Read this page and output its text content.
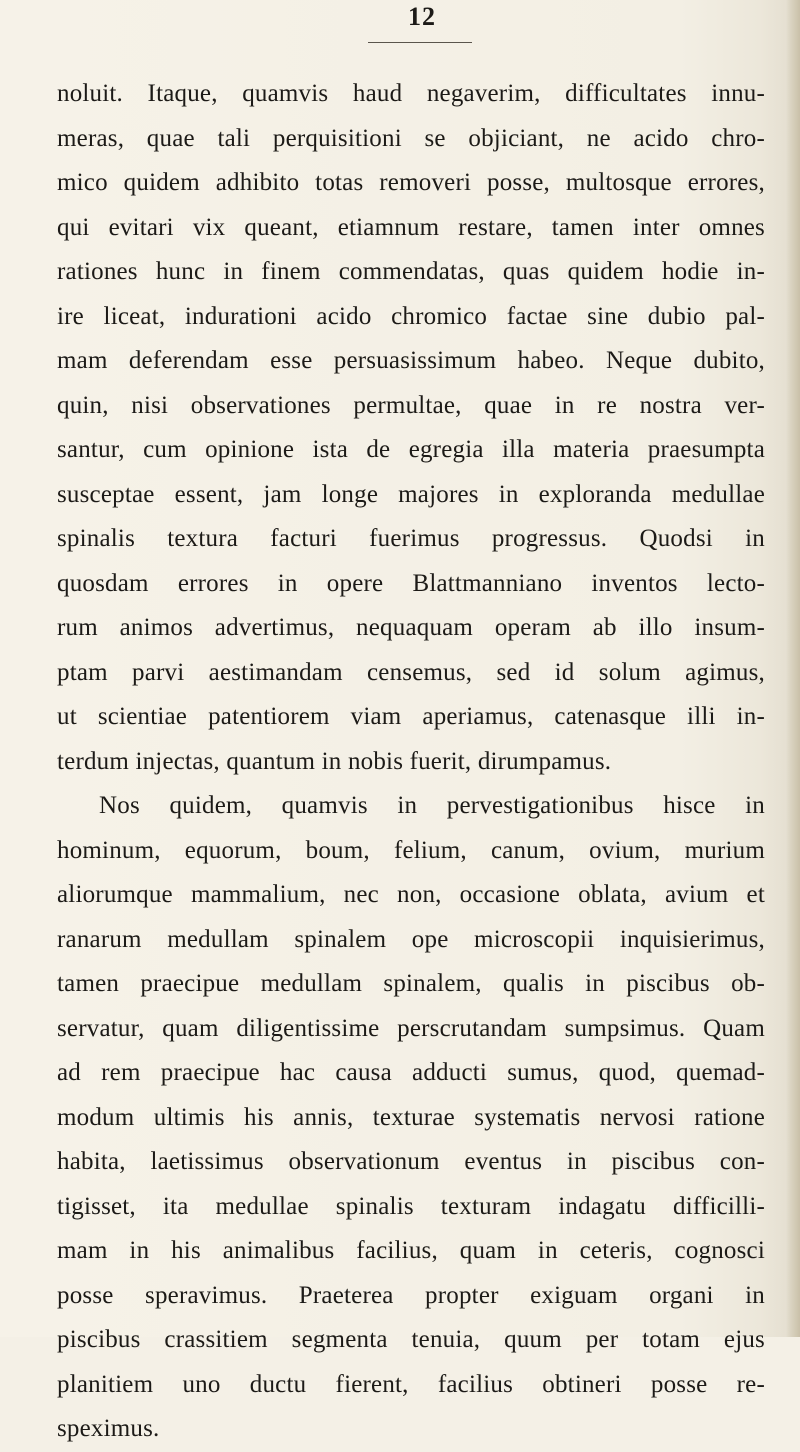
12
noluit. Itaque, quamvis haud negaverim, difficultates innu-
meras, quae tali perquisitioni se objiciant, ne acido chro-
mico quidem adhibito totas removeri posse, multosque errores,
qui evitari vix queant, etiamnum restare, tamen inter omnes
rationes hunc in finem commendatas, quas quidem hodie in-
ire liceat, indurationi acido chromico factae sine dubio pal-
mam deferendam esse persuasissimum habeo. Neque dubito,
quin, nisi observationes permultae, quae in re nostra ver-
santur, cum opinione ista de egregia illa materia praesumpta
susceptae essent, jam longe majores in exploranda medullae
spinalis textura facturi fuerimus progressus. Quodsi in
quosdam errores in opere Blattmanniano inventos lecto-
rum animos advertimus, nequaquam operam ab illo insum-
ptam parvi aestimandam censemus, sed id solum agimus,
ut scientiae patentiorem viam aperiamus, catenasque illi in-
terdum injectas, quantum in nobis fuerit, dirumpamus.
Nos quidem, quamvis in pervestigationibus hisce in
hominum, equorum, boum, felium, canum, ovium, murium
aliorumque mammalium, nec non, occasione oblata, avium et
ranarum medullam spinalem ope microscopii inquisierimus,
tamen praecipue medullam spinalem, qualis in piscibus ob-
servatur, quam diligentissime perscrutandam sumpsimus. Quam
ad rem praecipue hac causa adducti sumus, quod, quemad-
modum ultimis his annis, texturae systematis nervosi ratione
habita, laetissimus observationum eventus in piscibus con-
tigisset, ita medullae spinalis texturam indagatu difficilli-
mam in his animalibus facilius, quam in ceteris, cognosci
posse speravimus. Praeterea propter exiguam organi in
piscibus crassitiem segmenta tenuia, quum per totam ejus
planitiem uno ductu fierent, facilius obtineri posse re-
speximus.
